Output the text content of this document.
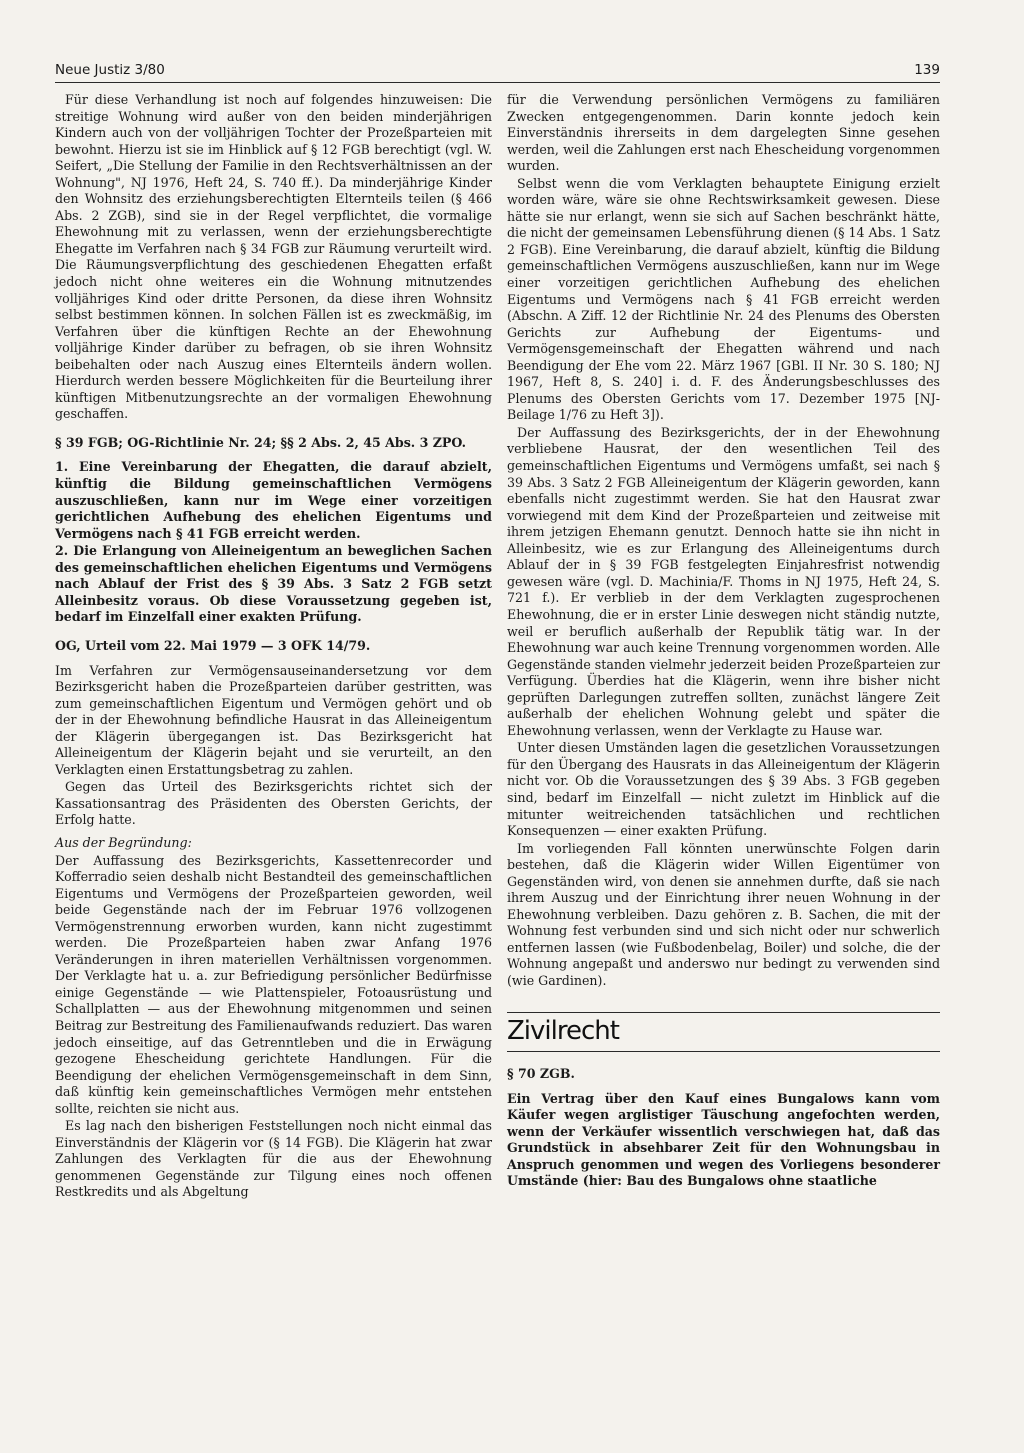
Neue Justiz 3/80	139

Für diese Verhandlung ist noch auf folgendes hinzuweisen: Die streitige Wohnung wird außer von den beiden minderjährigen Kindern auch von der volljährigen Tochter der Prozeßparteien mit bewohnt. Hierzu ist sie im Hinblick auf § 12 FGB berechtigt (vgl. W. Seifert, „Die Stellung der Familie in den Rechtsverhältnissen an der Wohnung", NJ 1976, Heft 24, S. 740 ff.). Da minderjährige Kinder den Wohnsitz des erziehungsberechtigten Elternteils teilen (§ 466 Abs. 2 ZGB), sind sie in der Regel verpflichtet, die vormalige Ehewohnung mit zu verlassen, wenn der erziehungsberechtigte Ehegatte im Verfahren nach § 34 FGB zur Räumung verurteilt wird. Die Räumungsverpflichtung des geschiedenen Ehegatten erfaßt jedoch nicht ohne weiteres ein die Wohnung mitnutzendes volljähriges Kind oder dritte Personen, da diese ihren Wohnsitz selbst bestimmen können. In solchen Fällen ist es zweckmäßig, im Verfahren über die künftigen Rechte an der Ehewohnung volljährige Kinder darüber zu befragen, ob sie ihren Wohnsitz beibehalten oder nach Auszug eines Elternteils ändern wollen. Hierdurch werden bessere Möglichkeiten für die Beurteilung ihrer künftigen Mitbenutzungsrechte an der vormaligen Ehewohnung geschaffen.

§ 39 FGB; OG-Richtlinie Nr. 24; §§ 2 Abs. 2, 45 Abs. 3 ZPO.

1. Eine Vereinbarung der Ehegatten, die darauf abzielt, künftig die Bildung gemeinschaftlichen Vermögens auszuschließen, kann nur im Wege einer vorzeitigen gerichtlichen Aufhebung des ehelichen Eigentums und Vermögens nach § 41 FGB erreicht werden.

2. Die Erlangung von Alleineigentum an beweglichen Sachen des gemeinschaftlichen ehelichen Eigentums und Vermögens nach Ablauf der Frist des § 39 Abs. 3 Satz 2 FGB setzt Alleinbesitz voraus. Ob diese Voraussetzung gegeben ist, bedarf im Einzelfall einer exakten Prüfung.

OG, Urteil vom 22. Mai 1979 — 3 OFK 14/79.

Im Verfahren zur Vermögensauseinandersetzung vor dem Bezirksgericht haben die Prozeßparteien darüber gestritten, was zum gemeinschaftlichen Eigentum und Vermögen gehört und ob der in der Ehewohnung befindliche Hausrat in das Alleineigentum der Klägerin übergegangen ist. Das Bezirksgericht hat Alleineigentum der Klägerin bejaht und sie verurteilt, an den Verklagten einen Erstattungsbetrag zu zahlen.

Gegen das Urteil des Bezirksgerichts richtet sich der Kassationsantrag des Präsidenten des Obersten Gerichts, der Erfolg hatte.

Aus der Begründung:

Der Auffassung des Bezirksgerichts, Kassettenrecorder und Kofferradio seien deshalb nicht Bestandteil des gemeinschaftlichen Eigentums und Vermögens der Prozeßparteien geworden, weil beide Gegenstände nach der im Februar 1976 vollzogenen Vermögenstrennung erworben wurden, kann nicht zugestimmt werden. Die Prozeßparteien haben zwar Anfang 1976 Veränderungen in ihren materiellen Verhältnissen vorgenommen. Der Verklagte hat u. a. zur Befriedigung persönlicher Bedürfnisse einige Gegenstände — wie Plattenspieler, Fotoausrüstung und Schallplatten — aus der Ehewohnung mitgenommen und seinen Beitrag zur Bestreitung des Familienaufwands reduziert. Das waren jedoch einseitige, auf das Getrenntleben und die in Erwägung gezogene Ehescheidung gerichtete Handlungen. Für die Beendigung der ehelichen Vermögensgemeinschaft in dem Sinn, daß künftig kein gemeinschaftliches Vermögen mehr entstehen sollte, reichten sie nicht aus.

Es lag nach den bisherigen Feststellungen noch nicht einmal das Einverständnis der Klägerin vor (§ 14 FGB). Die Klägerin hat zwar Zahlungen des Verklagten für die aus der Ehewohnung genommenen Gegenstände zur Tilgung eines noch offenen Restkredits und als Abgeltung

für die Verwendung persönlichen Vermögens zu familiären Zwecken entgegengenommen. Darin konnte jedoch kein Einverständnis ihrerseits in dem dargelegten Sinne gesehen werden, weil die Zahlungen erst nach Ehescheidung vorgenommen wurden.

Selbst wenn die vom Verklagten behauptete Einigung erzielt worden wäre, wäre sie ohne Rechtswirksamkeit gewesen. Diese hätte sie nur erlangt, wenn sie sich auf Sachen beschränkt hätte, die nicht der gemeinsamen Lebensführung dienen (§ 14 Abs. 1 Satz 2 FGB). Eine Vereinbarung, die darauf abzielt, künftig die Bildung gemeinschaftlichen Vermögens auszuschließen, kann nur im Wege einer vorzeitigen gerichtlichen Aufhebung des ehelichen Eigentums und Vermögens nach § 41 FGB erreicht werden (Abschn. A Ziff. 12 der Richtlinie Nr. 24 des Plenums des Obersten Gerichts zur Aufhebung der Eigentums- und Vermögensgemeinschaft der Ehegatten während und nach Beendigung der Ehe vom 22. März 1967 [GBl. II Nr. 30 S. 180; NJ 1967, Heft 8, S. 240] i. d. F. des Änderungsbeschlusses des Plenums des Obersten Gerichts vom 17. Dezember 1975 [NJ-Beilage 1/76 zu Heft 3]).

Der Auffassung des Bezirksgerichts, der in der Ehewohnung verbliebene Hausrat, der den wesentlichen Teil des gemeinschaftlichen Eigentums und Vermögens umfaßt, sei nach § 39 Abs. 3 Satz 2 FGB Alleineigentum der Klägerin geworden, kann ebenfalls nicht zugestimmt werden. Sie hat den Hausrat zwar vorwiegend mit dem Kind der Prozeßparteien und zeitweise mit ihrem jetzigen Ehemann genutzt. Dennoch hatte sie ihn nicht in Alleinbesitz, wie es zur Erlangung des Alleineigentums durch Ablauf der in § 39 FGB festgelegten Einjahresfrist notwendig gewesen wäre (vgl. D. Machinia/F. Thoms in NJ 1975, Heft 24, S. 721 f.). Er verblieb in der dem Verklagten zugesprochenen Ehewohnung, die er in erster Linie deswegen nicht ständig nutzte, weil er beruflich außerhalb der Republik tätig war. In der Ehewohnung war auch keine Trennung vorgenommen worden. Alle Gegenstände standen vielmehr jederzeit beiden Prozeßparteien zur Verfügung. Überdies hat die Klägerin, wenn ihre bisher nicht geprüften Darlegungen zutreffen sollten, zunächst längere Zeit außerhalb der ehelichen Wohnung gelebt und später die Ehewohnung verlassen, wenn der Verklagte zu Hause war.

Unter diesen Umständen lagen die gesetzlichen Voraussetzungen für den Übergang des Hausrats in das Alleineigentum der Klägerin nicht vor. Ob die Voraussetzungen des § 39 Abs. 3 FGB gegeben sind, bedarf im Einzelfall — nicht zuletzt im Hinblick auf die mitunter weitreichenden tatsächlichen und rechtlichen Konsequenzen — einer exakten Prüfung.

Im vorliegenden Fall könnten unerwünschte Folgen darin bestehen, daß die Klägerin wider Willen Eigentümer von Gegenständen wird, von denen sie annehmen durfte, daß sie nach ihrem Auszug und der Einrichtung ihrer neuen Wohnung in der Ehewohnung verbleiben. Dazu gehören z. B. Sachen, die mit der Wohnung fest verbunden sind und sich nicht oder nur schwerlich entfernen lassen (wie Fußbodenbelag, Boiler) und solche, die der Wohnung angepaßt und anderswo nur bedingt zu verwenden sind (wie Gardinen).

Zivilrecht

§ 70 ZGB.

Ein Vertrag über den Kauf eines Bungalows kann vom Käufer wegen arglistiger Täuschung angefochten werden, wenn der Verkäufer wissentlich verschwiegen hat, daß das Grundstück in absehbarer Zeit für den Wohnungsbau in Anspruch genommen und wegen des Vorliegens besonderer Umstände (hier: Bau des Bungalows ohne staatliche
